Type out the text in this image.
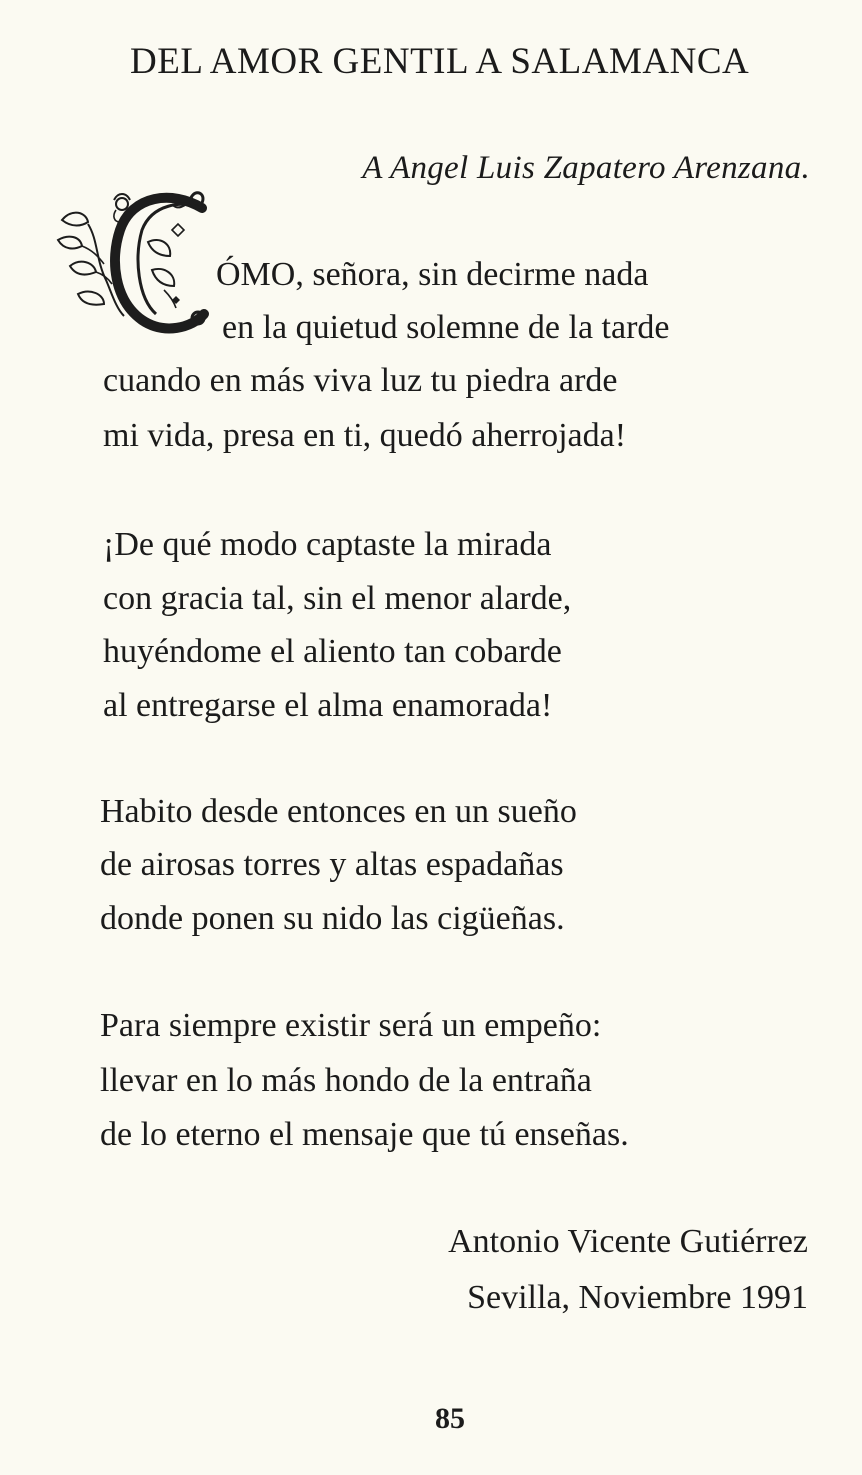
DEL AMOR GENTIL A SALAMANCA
A Angel Luis Zapatero Arenzana.
ÓMO, señora, sin decirme nada
en la quietud solemne de la tarde
cuando en más viva luz tu piedra arde
mi vida, presa en ti, quedó aherrojada!
¡De qué modo captaste la mirada
con gracia tal, sin el menor alarde,
huyéndome el aliento tan cobarde
al entregarse el alma enamorada!
Habito desde entonces en un sueño
de airosas torres y altas espadañas
donde ponen su nido las cigüeñas.
Para siempre existir será un empeño:
llevar en lo más hondo de la entraña
de lo eterno el mensaje que tú enseñas.
Antonio Vicente Gutiérrez
Sevilla, Noviembre 1991
85
